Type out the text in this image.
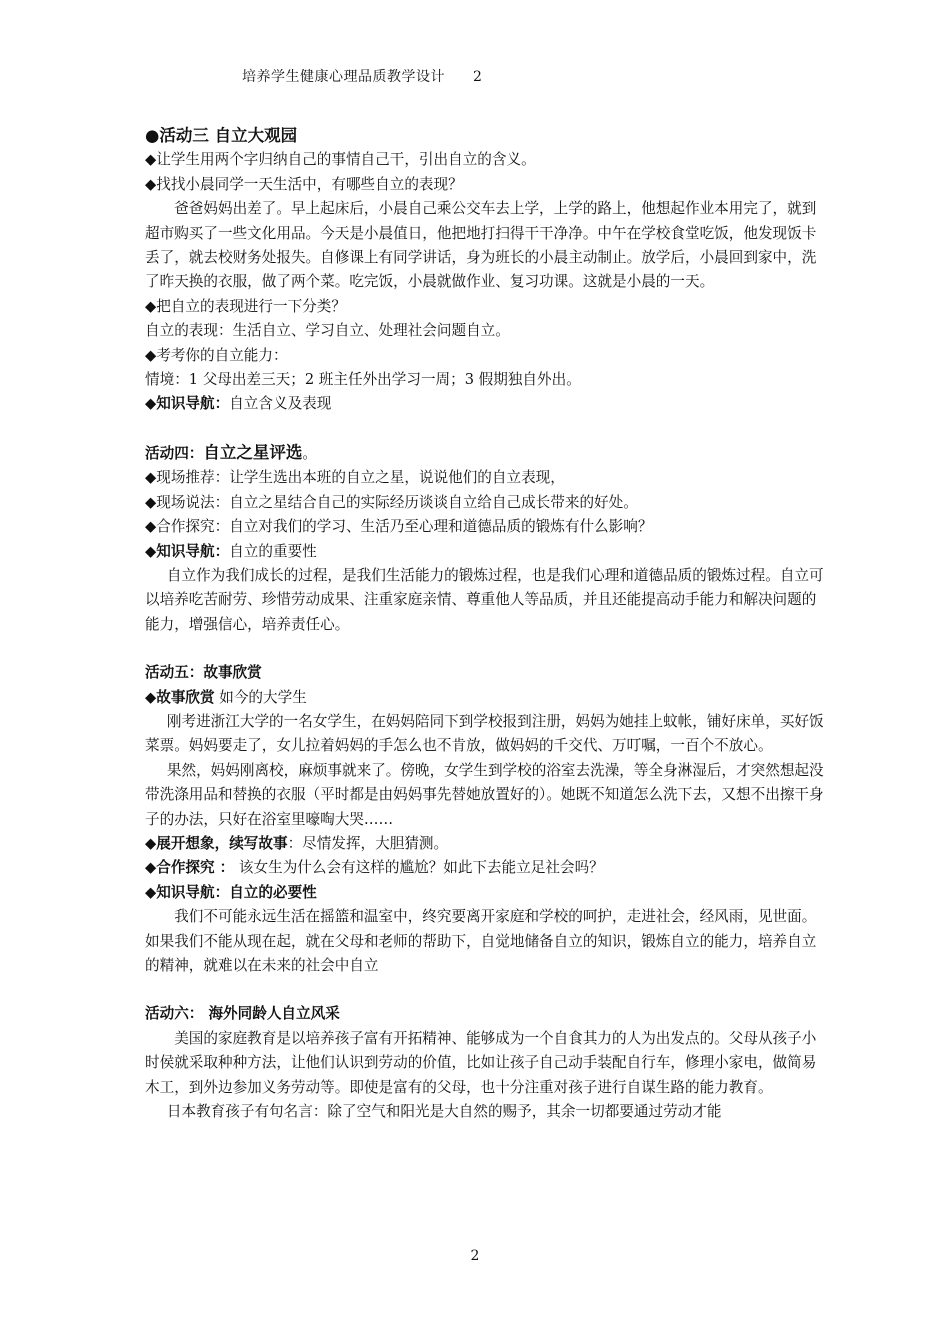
培养学生健康心理品质教学设计 2

●活动三 自立大观园

◆让学生用两个字归纳自己的事情自己干，引出自立的含义。

◆找找小晨同学一天生活中，有哪些自立的表现？

爸爸妈妈出差了。早上起床后，小晨自己乘公交车去上学，上学的路上，他想起作业本用完了，就到超市购买了一些文化用品。今天是小晨值日，他把地打扫得干干净净。中午在学校食堂吃饭，他发现饭卡丢了，就去校财务处报失。自修课上有同学讲话，身为班长的小晨主动制止。放学后，小晨回到家中，洗了昨天换的衣服，做了两个菜。吃完饭，小晨就做作业、复习功课。这就是小晨的一天。

◆把自立的表现进行一下分类？

自立的表现：生活自立、学习自立、处理社会问题自立。

◆考考你的自立能力：

情境：1 父母出差三天；2 班主任外出学习一周；3 假期独自外出。

◆知识导航：自立含义及表现

活动四：自立之星评选。

◆现场推荐：让学生选出本班的自立之星，说说他们的自立表现，

◆现场说法：自立之星结合自己的实际经历谈谈自立给自己成长带来的好处。

◆合作探究：自立对我们的学习、生活乃至心理和道德品质的锻炼有什么影响？

◆知识导航：自立的重要性

自立作为我们成长的过程，是我们生活能力的锻炼过程，也是我们心理和道德品质的锻炼过程。自立可以培养吃苦耐劳、珍惜劳动成果、注重家庭亲情、尊重他人等品质，并且还能提高动手能力和解决问题的能力，增强信心，培养责任心。

活动五：故事欣赏

◆故事欣赏 如今的大学生

刚考进浙江大学的一名女学生，在妈妈陪同下到学校报到注册，妈妈为她挂上蚊帐，铺好床单，买好饭菜票。妈妈要走了，女儿拉着妈妈的手怎么也不肯放，做妈妈的千交代、万叮嘱，一百个不放心。

果然，妈妈刚离校，麻烦事就来了。傍晚，女学生到学校的浴室去洗澡，等全身淋湿后，才突然想起没带洗涤用品和替换的衣服（平时都是由妈妈事先替她放置好的）。她既不知道怎么洗下去，又想不出擦干身子的办法，只好在浴室里嚎啕大哭……

◆展开想象，续写故事：尽情发挥，大胆猜测。

◆合作探究 ： 该女生为什么会有这样的尴尬？如此下去能立足社会吗？

◆知识导航：自立的必要性

我们不可能永远生活在摇篮和温室中，终究要离开家庭和学校的呵护，走进社会，经风雨，见世面。如果我们不能从现在起，就在父母和老师的帮助下，自觉地储备自立的知识，锻炼自立的能力，培养自立的精神，就难以在未来的社会中自立

活动六： 海外同龄人自立风采

美国的家庭教育是以培养孩子富有开拓精神、能够成为一个自食其力的人为出发点的。父母从孩子小时侯就采取种种方法，让他们认识到劳动的价值，比如让孩子自己动手装配自行车，修理小家电，做简易木工，到外边参加义务劳动等。即使是富有的父母，也十分注重对孩子进行自谋生路的能力教育。

日本教育孩子有句名言：除了空气和阳光是大自然的赐予，其余一切都要通过劳动才能

2
